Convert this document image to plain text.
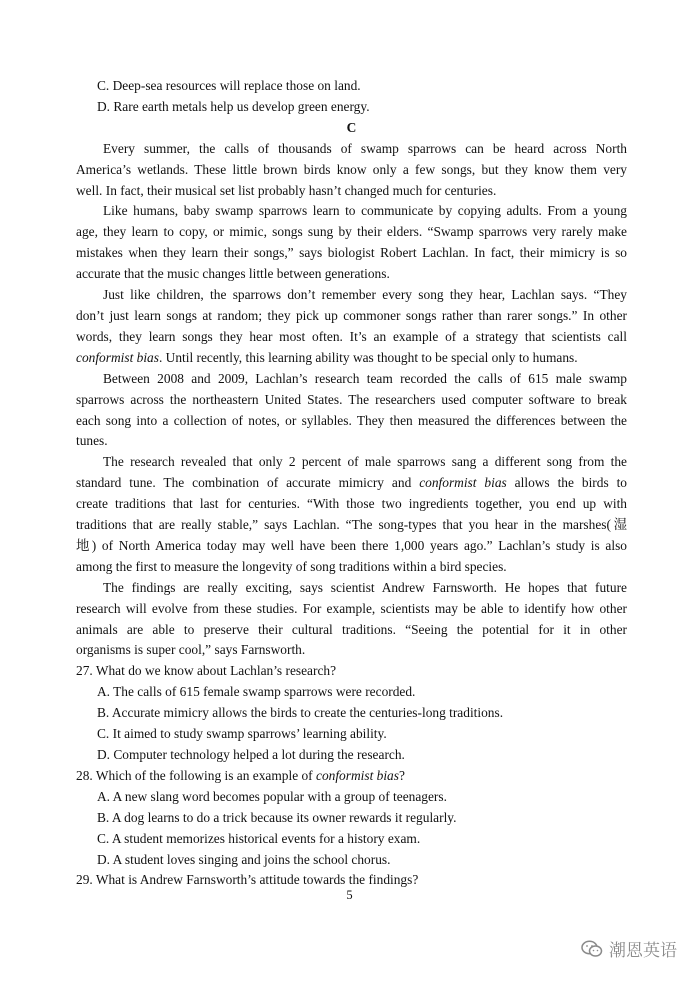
C. Deep-sea resources will replace those on land.

D. Rare earth metals help us develop green energy.

C

Every summer, the calls of thousands of swamp sparrows can be heard across North

America’s wetlands. These little brown birds know only a few songs, but they know them very

well. In fact, their musical set list probably hasn’t changed much for centuries.

Like humans, baby swamp sparrows learn to communicate by copying adults. From a young

age, they learn to copy, or mimic, songs sung by their elders. “Swamp sparrows very rarely make

mistakes when they learn their songs,” says biologist Robert Lachlan. In fact, their mimicry is so

accurate that the music changes little between generations.

Just like children, the sparrows don’t remember every song they hear, Lachlan says. “They

don’t just learn songs at random; they pick up commoner songs rather than rarer songs.” In other

words, they learn songs they hear most often. It’s an example of a strategy that scientists call

conformist bias. Until recently, this learning ability was thought to be special only to humans.

Between 2008 and 2009, Lachlan’s research team recorded the calls of 615 male swamp

sparrows across the northeastern United States. The researchers used computer software to break

each song into a collection of notes, or syllables. They then measured the differences between the

tunes.

The research revealed that only 2 percent of male sparrows sang a different song from the

standard tune. The combination of accurate mimicry and conformist bias allows the birds to

create traditions that last for centuries. “With those two ingredients together, you end up with

traditions that are really stable,” says Lachlan. “The song-types that you hear in the marshes(湿

地) of North America today may well have been there 1,000 years ago.” Lachlan’s study is also

among the first to measure the longevity of song traditions within a bird species.

The findings are really exciting, says scientist Andrew Farnsworth. He hopes that future

research will evolve from these studies. For example, scientists may be able to identify how other

animals are able to preserve their cultural traditions. “Seeing the potential for it in other

organisms is super cool,” says Farnsworth.

27. What do we know about Lachlan’s research?

A. The calls of 615 female swamp sparrows were recorded.

B. Accurate mimicry allows the birds to create the centuries-long traditions.

C. It aimed to study swamp sparrows’ learning ability.

D. Computer technology helped a lot during the research.

28. Which of the following is an example of conformist bias?

A. A new slang word becomes popular with a group of teenagers.

B. A dog learns to do a trick because its owner rewards it regularly.

C. A student memorizes historical events for a history exam.

D. A student loves singing and joins the school chorus.

29. What is Andrew Farnsworth’s attitude towards the findings?

5
潮恩英语
